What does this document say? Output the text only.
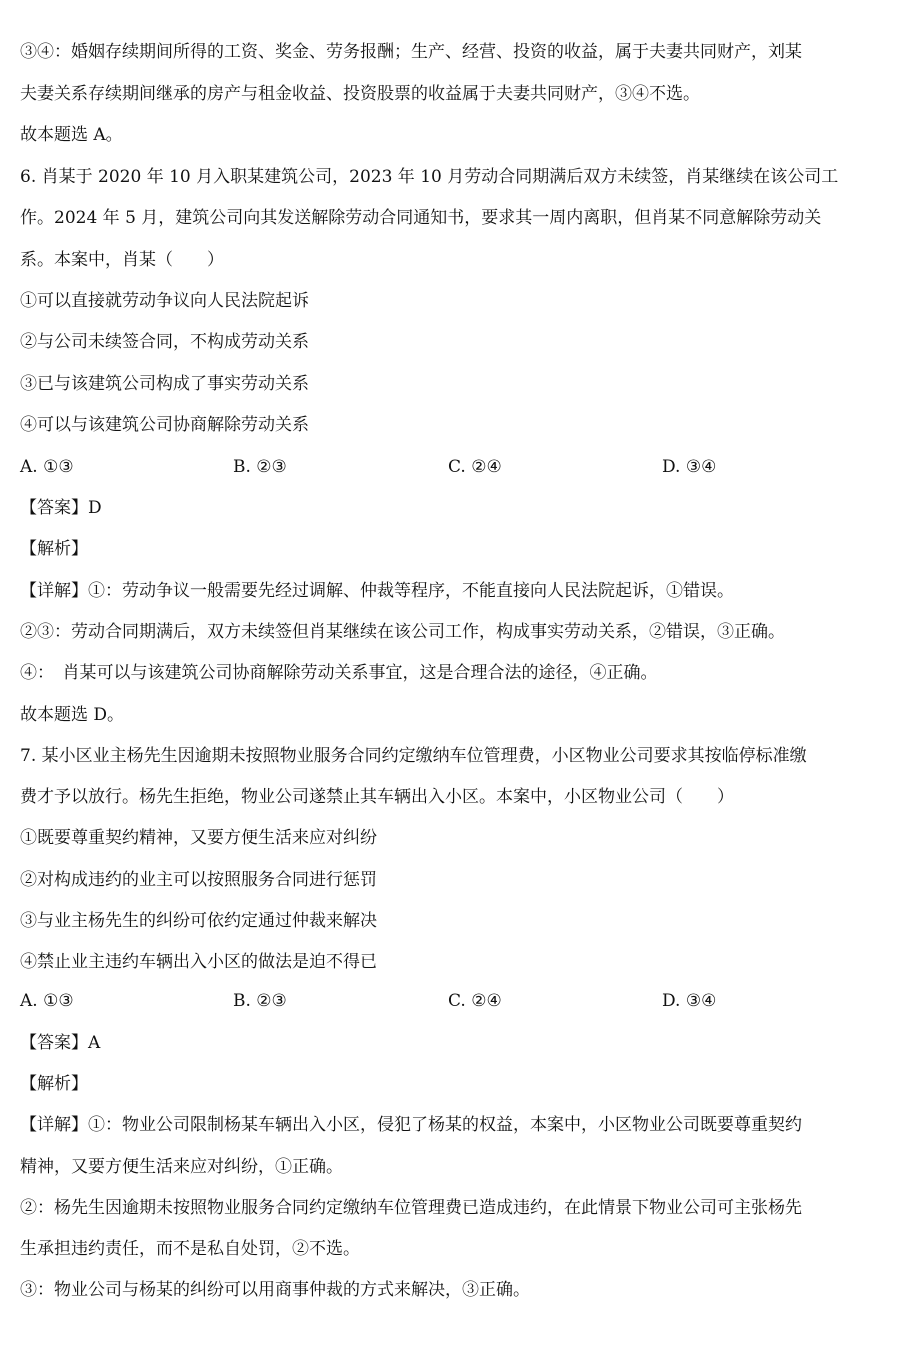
③④：婚姻存续期间所得的工资、奖金、劳务报酬；生产、经营、投资的收益，属于夫妻共同财产，刘某
夫妻关系存续期间继承的房产与租金收益、投资股票的收益属于夫妻共同财产，③④不选。
故本题选 A。
6. 肖某于 2020 年 10 月入职某建筑公司，2023 年 10 月劳动合同期满后双方未续签，肖某继续在该公司工
作。2024 年 5 月，建筑公司向其发送解除劳动合同通知书，要求其一周内离职，但肖某不同意解除劳动关
系。本案中，肖某（　　）
①可以直接就劳动争议向人民法院起诉
②与公司未续签合同，不构成劳动关系
③已与该建筑公司构成了事实劳动关系
④可以与该建筑公司协商解除劳动关系
A. ①③	B. ②③	C. ②④	D. ③④
【答案】D
【解析】
【详解】①：劳动争议一般需要先经过调解、仲裁等程序，不能直接向人民法院起诉，①错误。
②③：劳动合同期满后，双方未续签但肖某继续在该公司工作，构成事实劳动关系，②错误，③正确。
④：　肖某可以与该建筑公司协商解除劳动关系事宜，这是合理合法的途径，④正确。
故本题选 D。
7. 某小区业主杨先生因逾期未按照物业服务合同约定缴纳车位管理费，小区物业公司要求其按临停标准缴
费才予以放行。杨先生拒绝，物业公司遂禁止其车辆出入小区。本案中，小区物业公司（　　）
①既要尊重契约精神，又要方便生活来应对纠纷
②对构成违约的业主可以按照服务合同进行惩罚
③与业主杨先生的纠纷可依约定通过仲裁来解决
④禁止业主违约车辆出入小区的做法是迫不得已
A. ①③	B. ②③	C. ②④	D. ③④
【答案】A
【解析】
【详解】①：物业公司限制杨某车辆出入小区，侵犯了杨某的权益，本案中，小区物业公司既要尊重契约
精神，又要方便生活来应对纠纷，①正确。
②：杨先生因逾期未按照物业服务合同约定缴纳车位管理费已造成违约，在此情景下物业公司可主张杨先
生承担违约责任，而不是私自处罚，②不选。
③：物业公司与杨某的纠纷可以用商事仲裁的方式来解决，③正确。
